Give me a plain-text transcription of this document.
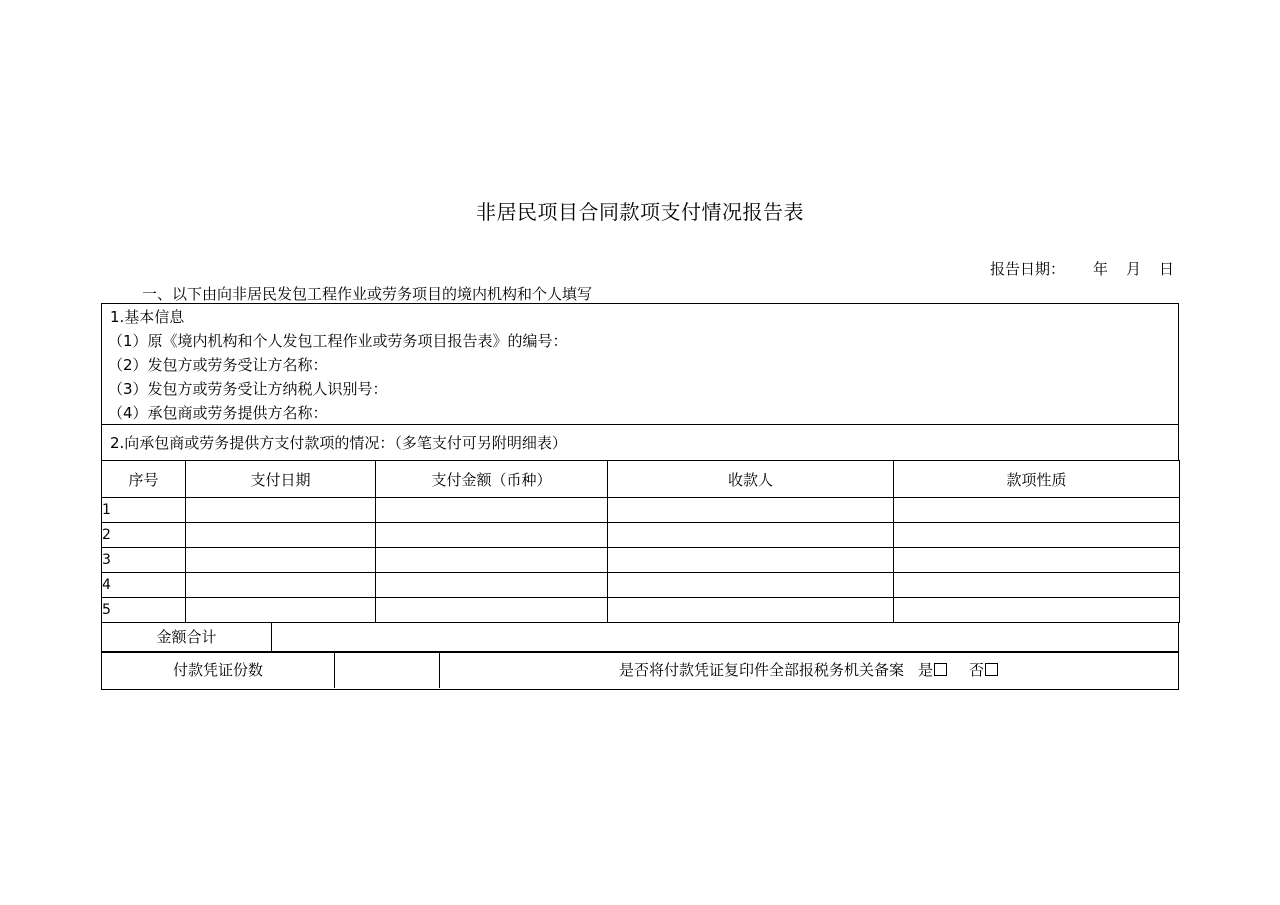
非居民项目合同款项支付情况报告表
报告日期： 年 月 日
一、以下由向非居民发包工程作业或劳务项目的境内机构和个人填写
1.基本信息
（1）原《境内机构和个人发包工程作业或劳务项目报告表》的编号：
（2）发包方或劳务受让方名称：
（3）发包方或劳务受让方纳税人识别号：
（4）承包商或劳务提供方名称：
2.向承包商或劳务提供方支付款项的情况：（多笔支付可另附明细表）
序号	支付日期	支付金额（币种）	收款人	款项性质
1				
2				
3				
4				
5				
金额合计
付款凭证份数	是否将付款凭证复印件全部报税务机关备案 是 否
